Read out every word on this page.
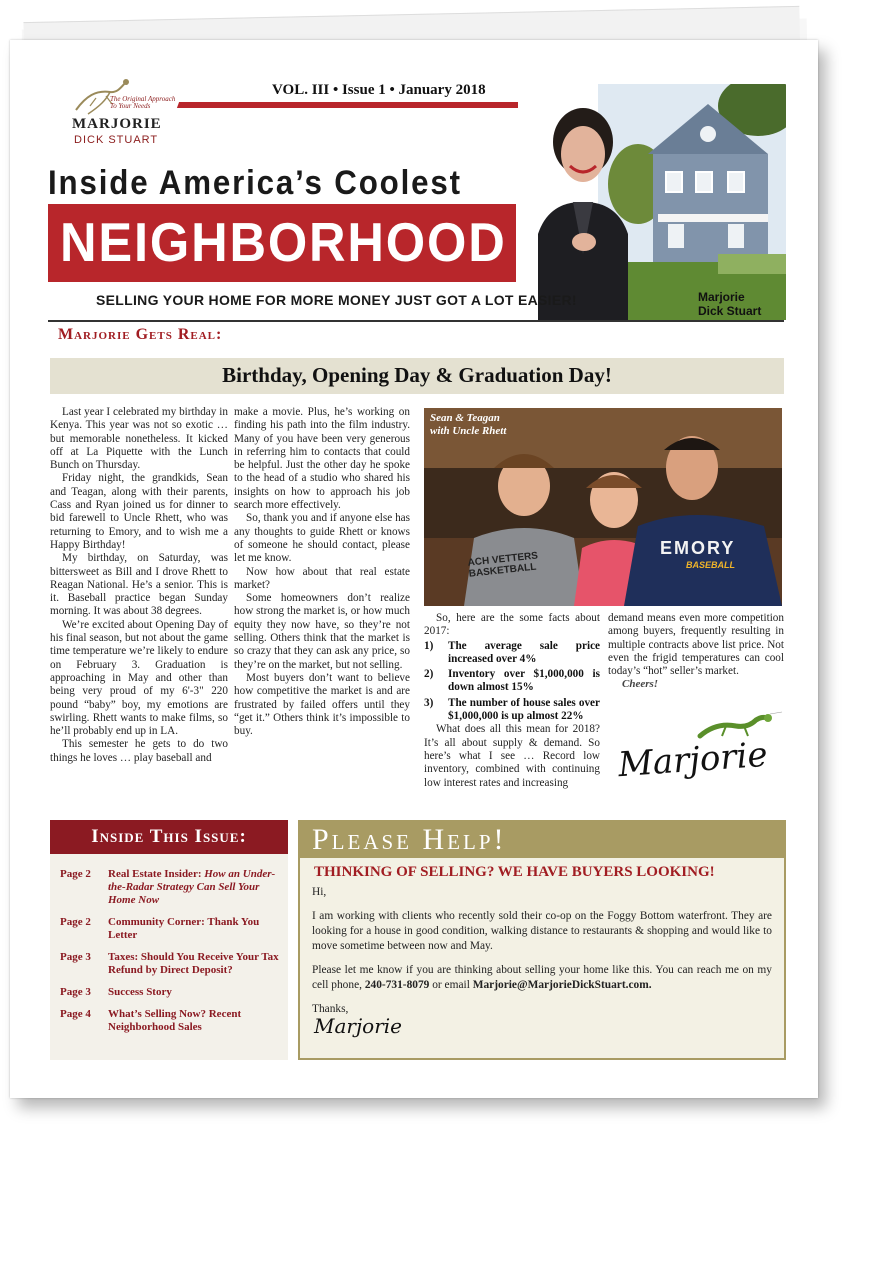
The Original Approach
To Your Needs
MARJORIE
DICK STUART
VOL. III • Issue 1 • January 2018
Inside America’s Coolest
NEIGHBORHOOD
SELLING YOUR HOME FOR MORE MONEY JUST GOT A LOT EASIER!	Marjorie
Dick Stuart
Marjorie Gets Real:
Birthday, Opening Day & Graduation Day!

Last year I celebrated my birthday in Kenya. This year was not so exotic … but memorable nonetheless. It kicked off at La Piquette with the Lunch Bunch on Thursday.

Friday night, the grandkids, Sean and Teagan, along with their parents, Cass and Ryan joined us for dinner to bid farewell to Uncle Rhett, who was returning to Emory, and to wish me a Happy Birthday!

My birthday, on Saturday, was bittersweet as Bill and I drove Rhett to Reagan National. He’s a senior. This is it. Baseball practice began Sunday morning. It was about 38 degrees.

We’re excited about Opening Day of his final season, but not about the game time temperature we’re likely to endure on February 3. Graduation is approaching in May and other than being very proud of my 6'-3" 220 pound “baby” boy, my emotions are swirling. Rhett wants to make films, so he’ll probably end up in LA.

This semester he gets to do two things he loves … play baseball and

make a movie. Plus, he’s working on finding his path into the film industry. Many of you have been very generous in referring him to contacts that could be helpful. Just the other day he spoke to the head of a studio who shared his insights on how to approach his job search more effectively.

So, thank you and if anyone else has any thoughts to guide Rhett or knows of someone he should contact, please let me know.

Now how about that real estate market?

Some homeowners don’t realize how strong the market is, or how much equity they now have, so they’re not selling. Others think that the market is so crazy that they can ask any price, so they’re on the market, but not selling.

Most buyers don’t want to believe how competitive the market is and are frustrated by failed offers until they “get it.” Others think it’s impossible to buy.

Sean & Teagan
with Uncle Rhett
ACH VETTERS BASKETBALL
EMORY
BASEBALL
So, here are the some facts about 2017:
1)	The average sale price increased over 4%
2)	Inventory over $1,000,000 is down almost 15%
3)	The number of house sales over $1,000,000 is up almost 22%
What does all this mean for 2018? It’s all about supply & demand. So here’s what I see … Record low inventory, combined with continuing low interest rates and increasing

demand means even more competition among buyers, frequently resulting in multiple contracts above list price. Not even the frigid temperatures can cool today’s “hot” seller’s market.

Cheers!
Marjorie
Inside This Issue:
Page 2	Real Estate Insider: How an Under-the-Radar Strategy Can Sell Your Home Now
Page 2	Community Corner: Thank You Letter
Page 3	Taxes: Should You Receive Your Tax Refund by Direct Deposit?
Page 3	Success Story
Page 4	What’s Selling Now? Recent Neighborhood Sales
Please Help!
THINKING OF SELLING? WE HAVE BUYERS LOOKING!
Hi,
I am working with clients who recently sold their co-op on the Foggy Bottom waterfront. They are looking for a house in good condition, walking distance to restaurants & shopping and would like to move sometime between now and May.
Please let me know if you are thinking about selling your home like this. You can reach me on my cell phone, 240-731-8079 or email Marjorie@MarjorieDickStuart.com.
Thanks,
Marjorie
